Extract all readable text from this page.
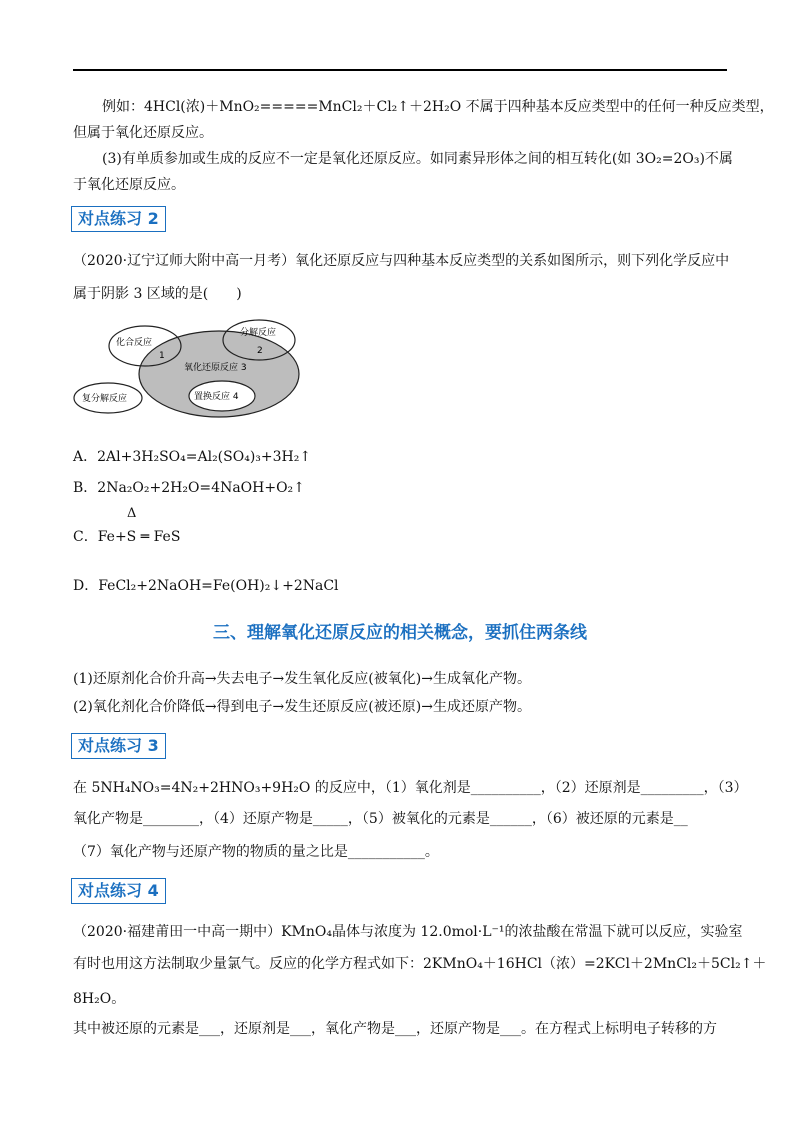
例如：4HCl(浓)＋MnO₂=====MnCl₂＋Cl₂↑＋2H₂O 不属于四种基本反应类型中的任何一种反应类型，
但属于氧化还原反应。
(3)有单质参加或生成的反应不一定是氧化还原反应。如同素异形体之间的相互转化(如 3O₂=2O₃)不属
于氧化还原反应。
对点练习 2
（2020·辽宁辽师大附中高一月考）氧化还原反应与四种基本反应类型的关系如图所示，则下列化学反应中
属于阴影 3 区域的是(　　)
化合反应
1
分解反应
2
氧化还原反应 3
置换反应 4
复分解反应
A．2Al+3H₂SO₄=Al₂(SO₄)₃+3H₂↑
B．2Na₂O₂+2H₂O=4NaOH+O₂↑
Δ
C．Fe+S ═ FeS
D．FeCl₂+2NaOH=Fe(OH)₂↓+2NaCl
三、理解氧化还原反应的相关概念，要抓住两条线
(1)还原剂化合价升高→失去电子→发生氧化反应(被氧化)→生成氧化产物。
(2)氧化剂化合价降低→得到电子→发生还原反应(被还原)→生成还原产物。
对点练习 3
在 5NH₄NO₃=4N₂+2HNO₃+9H₂O 的反应中，（1）氧化剂是__________，（2）还原剂是_________，（3）
氧化产物是________，（4）还原产物是_____，（5）被氧化的元素是______，（6）被还原的元素是__
（7）氧化产物与还原产物的物质的量之比是___________。
对点练习 4
（2020·福建莆田一中高一期中）KMnO₄晶体与浓度为 12.0mol·L⁻¹的浓盐酸在常温下就可以反应，实验室
有时也用这方法制取少量氯气。反应的化学方程式如下：2KMnO₄＋16HCl（浓）=2KCl＋2MnCl₂＋5Cl₂↑＋
8H₂O。
其中被还原的元素是___，还原剂是___，氧化产物是___，还原产物是___。在方程式上标明电子转移的方
